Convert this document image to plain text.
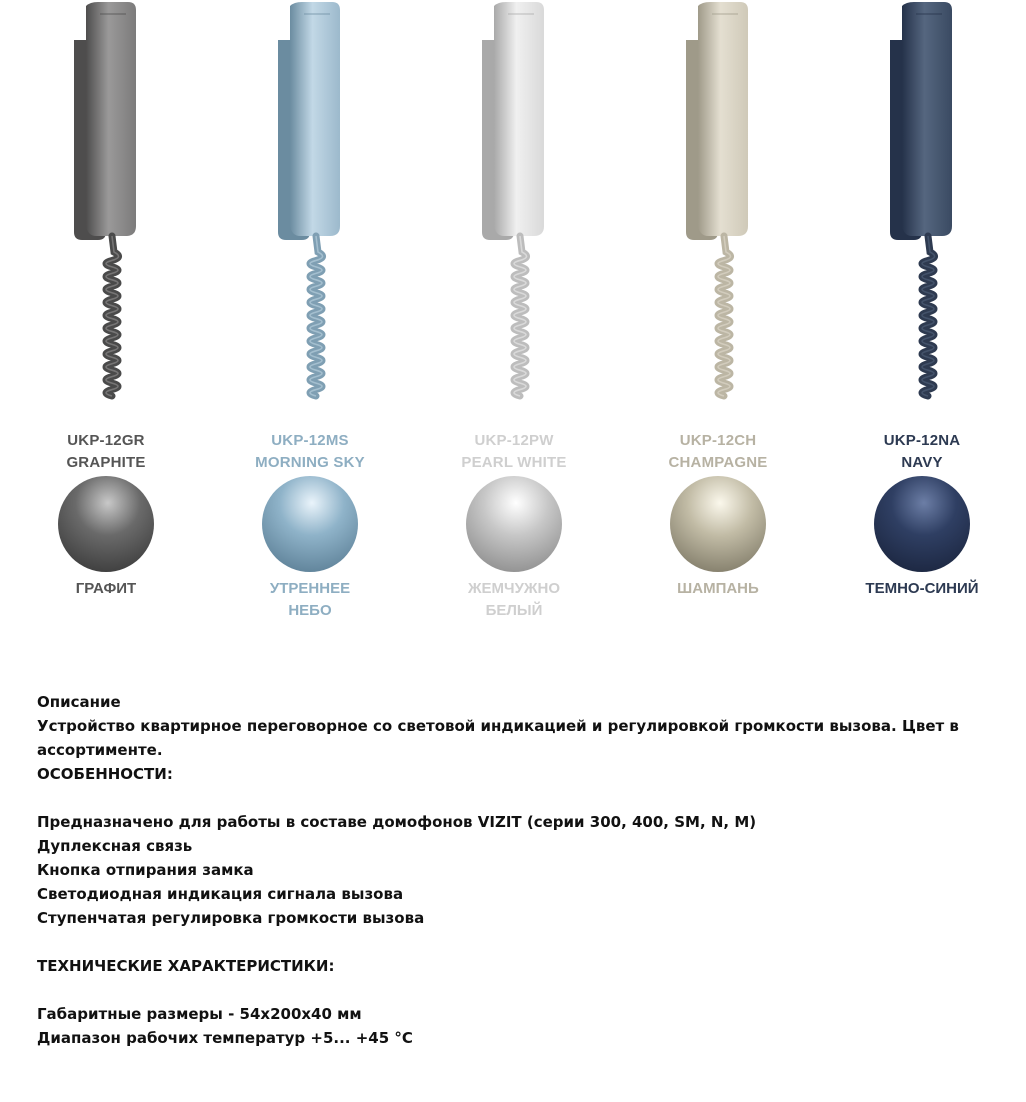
UKP-12GR
GRAPHITE
ГРАФИТ
UKP-12MS
MORNING SKY
УТРЕННЕЕ
НЕБО
UKP-12PW
PEARL WHITE
ЖЕМЧУЖНО
БЕЛЫЙ
UKP-12CH
CHAMPAGNE
ШАМПАНЬ
UKP-12NA
NAVY
ТЕМНО-СИНИЙ

Описание

Устройство квартирное переговорное со световой индикацией и регулировкой громкости вызова. Цвет в ассортименте.

ОСОБЕННОСТИ:

Предназначено для работы в составе домофонов VIZIT (серии 300, 400, SM, N, M)
Дуплексная связь
Кнопка отпирания замка
Светодиодная индикация сигнала вызова
Ступенчатая регулировка громкости вызова

ТЕХНИЧЕСКИЕ ХАРАКТЕРИСТИКИ:

Габаритные размеры - 54x200x40 мм
Диапазон рабочих температур +5... +45 °С
